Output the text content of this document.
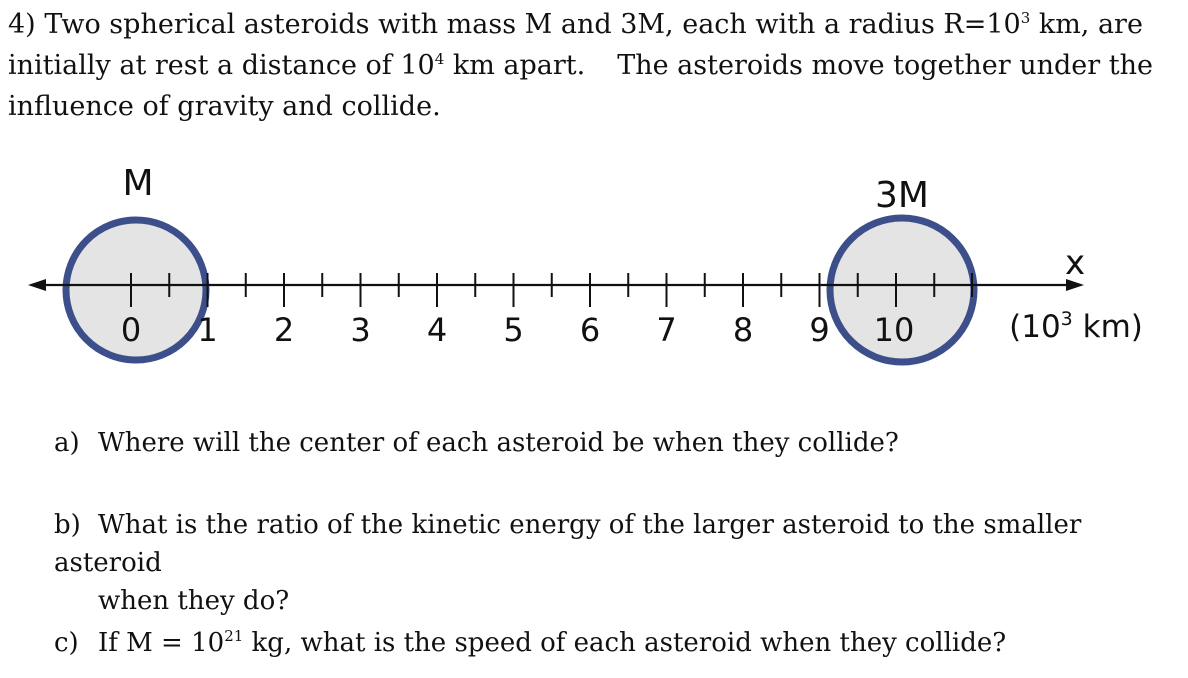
4) Two spherical asteroids with mass M and 3M, each with a radius $R=10^3$ km, are
initially at rest a distance of $10^4$ km apart. The asteroids move together under the
influence of gravity and collide.
0 1 2 3 4 5 6 7 8 9 10
M	3M
x
($10^3$ km)
a) Where will the center of each asteroid be when they collide?
b) What is the ratio of the kinetic energy of the larger asteroid to the smaller asteroid
when they do?
c) If $M = 10^{21}$ kg, what is the speed of each asteroid when they collide?
